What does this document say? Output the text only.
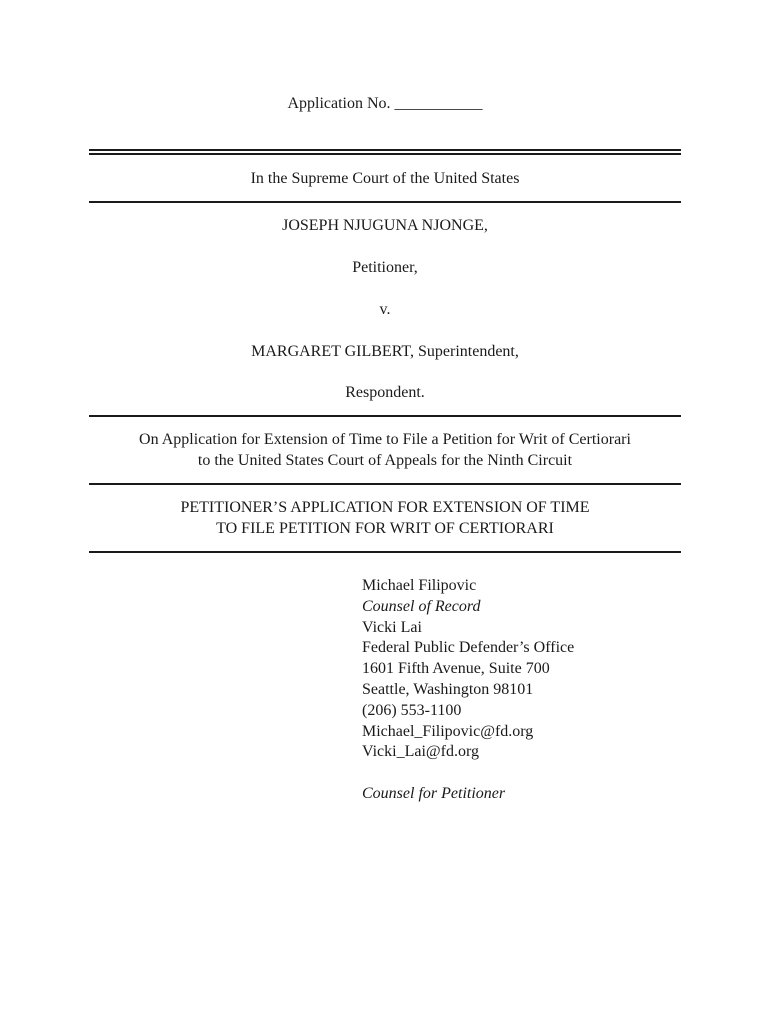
Application No. ___________
In the Supreme Court of the United States
JOSEPH NJUGUNA NJONGE,
Petitioner,
v.
MARGARET GILBERT, Superintendent,
Respondent.
On Application for Extension of Time to File a Petition for Writ of Certiorari
to the United States Court of Appeals for the Ninth Circuit
PETITIONER’S APPLICATION FOR EXTENSION OF TIME
TO FILE PETITION FOR WRIT OF CERTIORARI
Michael Filipovic
Counsel of Record
Vicki Lai
Federal Public Defender’s Office
1601 Fifth Avenue, Suite 700
Seattle, Washington 98101
(206) 553-1100
Michael_Filipovic@fd.org
Vicki_Lai@fd.org
Counsel for Petitioner
